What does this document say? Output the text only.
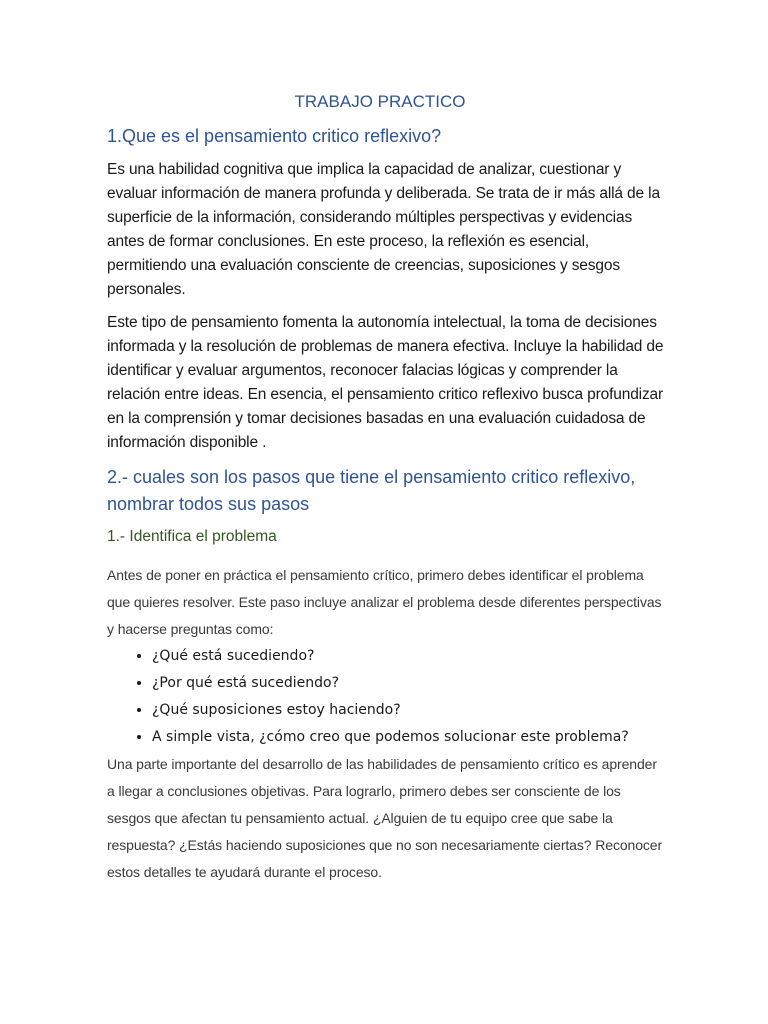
TRABAJO PRACTICO
1.Que es el pensamiento critico reflexivo?

Es una habilidad cognitiva que implica la capacidad de analizar, cuestionar y evaluar información de manera profunda y deliberada. Se trata de ir más allá de la superficie de la información, considerando múltiples perspectivas y evidencias antes de formar conclusiones. En este proceso, la reflexión es esencial, permitiendo una evaluación consciente de creencias, suposiciones y sesgos personales.

Este tipo de pensamiento fomenta la autonomía intelectual, la toma de decisiones informada y la resolución de problemas de manera efectiva. Incluye la habilidad de identificar y evaluar argumentos, reconocer falacias lógicas y comprender la relación entre ideas. En esencia, el pensamiento critico reflexivo busca profundizar en la comprensión y tomar decisiones basadas en una evaluación cuidadosa de información disponible .

2.- cuales son los pasos que tiene el pensamiento critico reflexivo, nombrar todos sus pasos
1.- Identifica el problema

Antes de poner en práctica el pensamiento crítico, primero debes identificar el problema que quieres resolver. Este paso incluye analizar el problema desde diferentes perspectivas y hacerse preguntas como:

• ¿Qué está sucediendo?
• ¿Por qué está sucediendo?
• ¿Qué suposiciones estoy haciendo?
• A simple vista, ¿cómo creo que podemos solucionar este problema?

Una parte importante del desarrollo de las habilidades de pensamiento crítico es aprender a llegar a conclusiones objetivas. Para lograrlo, primero debes ser consciente de los sesgos que afectan tu pensamiento actual. ¿Alguien de tu equipo cree que sabe la respuesta? ¿Estás haciendo suposiciones que no son necesariamente ciertas? Reconocer estos detalles te ayudará durante el proceso.
